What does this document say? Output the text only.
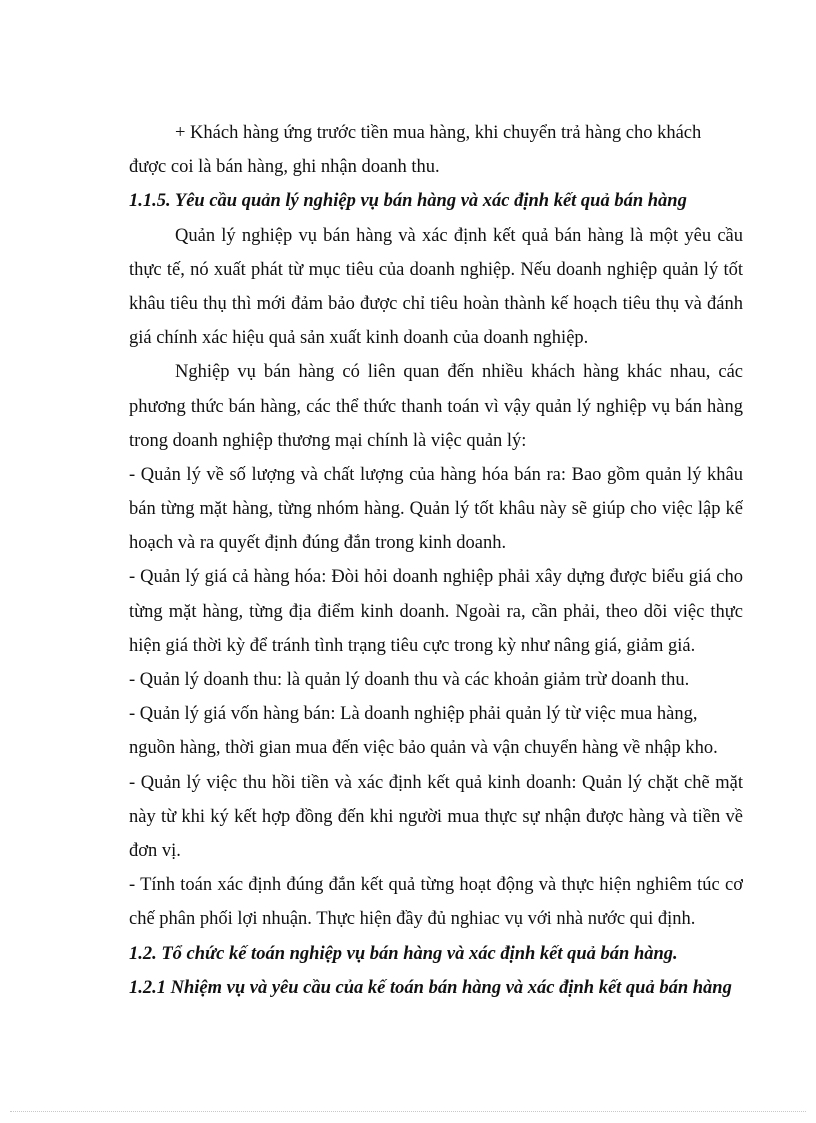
+ Khách hàng ứng trước tiền mua hàng, khi chuyển trả hàng cho khách
được coi là bán hàng, ghi nhận doanh thu.
1.1.5. Yêu cầu quản lý nghiệp vụ bán hàng và xác định kết quả bán hàng
Quản lý nghiệp vụ bán hàng và xác định kết quả bán hàng là một yêu cầu
thực tế, nó xuất phát từ mục tiêu của doanh nghiệp. Nếu doanh nghiệp quản lý tốt
khâu tiêu thụ thì mới đảm bảo được chỉ tiêu hoàn thành kế hoạch tiêu thụ và đánh
giá chính xác hiệu quả sản xuất kinh doanh của doanh nghiệp.
Nghiệp vụ bán hàng có liên quan đến nhiều khách hàng khác nhau, các
phương thức bán hàng, các thể thức thanh toán vì vậy quản lý nghiệp vụ bán hàng
trong doanh nghiệp thương mại chính là việc quản lý:
- Quản lý về số lượng và chất lượng của hàng hóa bán ra: Bao gồm quản lý khâu
bán từng mặt hàng, từng nhóm hàng. Quản lý tốt khâu này sẽ giúp cho việc lập kế
hoạch và ra quyết định đúng đắn trong kinh doanh.
- Quản lý giá cả hàng hóa: Đòi hỏi doanh nghiệp phải xây dựng được biểu giá cho
từng mặt hàng, từng địa điểm kinh doanh. Ngoài ra, cần phải, theo dõi việc thực
hiện giá thời kỳ để tránh tình trạng tiêu cực trong kỳ như nâng giá, giảm giá.
- Quản lý doanh thu: là quản lý doanh thu và các khoản giảm trừ doanh thu.
- Quản lý giá vốn hàng bán: Là doanh nghiệp phải quản lý từ việc mua hàng,
nguồn hàng, thời gian mua đến việc bảo quản và vận chuyển hàng về nhập kho.
- Quản lý việc thu hồi tiền và xác định kết quả kinh doanh: Quản lý chặt chẽ mặt
này từ khi ký kết hợp đồng đến khi người mua thực sự nhận được hàng và tiền về
đơn vị.
- Tính toán xác định đúng đắn kết quả từng hoạt động và thực hiện nghiêm túc cơ
chế phân phối lợi nhuận. Thực hiện đầy đủ nghiac vụ với nhà nước qui định.
1.2. Tổ chức kế toán nghiệp vụ bán hàng và xác định kết quả bán hàng.
1.2.1 Nhiệm vụ và yêu cầu của kế toán bán hàng và xác định kết quả bán hàng
